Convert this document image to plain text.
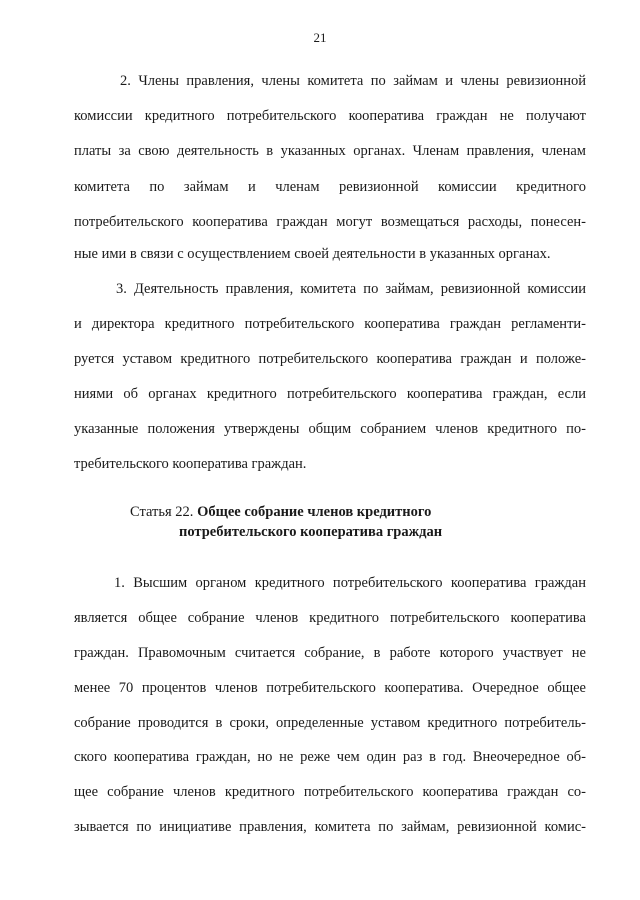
21
2. Члены правления, члены комитета по займам и члены ревизионной
комиссии кредитного потребительского кооператива граждан не получают
платы за свою деятельность в указанных органах. Членам правления, членам
комитета по займам и членам ревизионной комиссии кредитного
потребительского кооператива граждан могут возмещаться расходы, понесен-
ные ими в связи с осуществлением своей деятельности в указанных органах.
3. Деятельность правления, комитета по займам, ревизионной комиссии
и директора кредитного потребительского кооператива граждан регламенти-
руется уставом кредитного потребительского кооператива граждан и положе-
ниями об органах кредитного потребительского кооператива граждан, если
указанные положения утверждены общим собранием членов кредитного по-
требительского кооператива граждан.
Статья 22. Общее собрание членов кредитного
потребительского кооператива граждан
1. Высшим органом кредитного потребительского кооператива граждан
является общее собрание членов кредитного потребительского кооператива
граждан. Правомочным считается собрание, в работе которого участвует не
менее 70 процентов членов потребительского кооператива. Очередное общее
собрание проводится в сроки, определенные уставом кредитного потребитель-
ского кооператива граждан, но не реже чем один раз в год. Внеочередное об-
щее собрание членов кредитного потребительского кооператива граждан со-
зывается по инициативе правления, комитета по займам, ревизионной комис-
